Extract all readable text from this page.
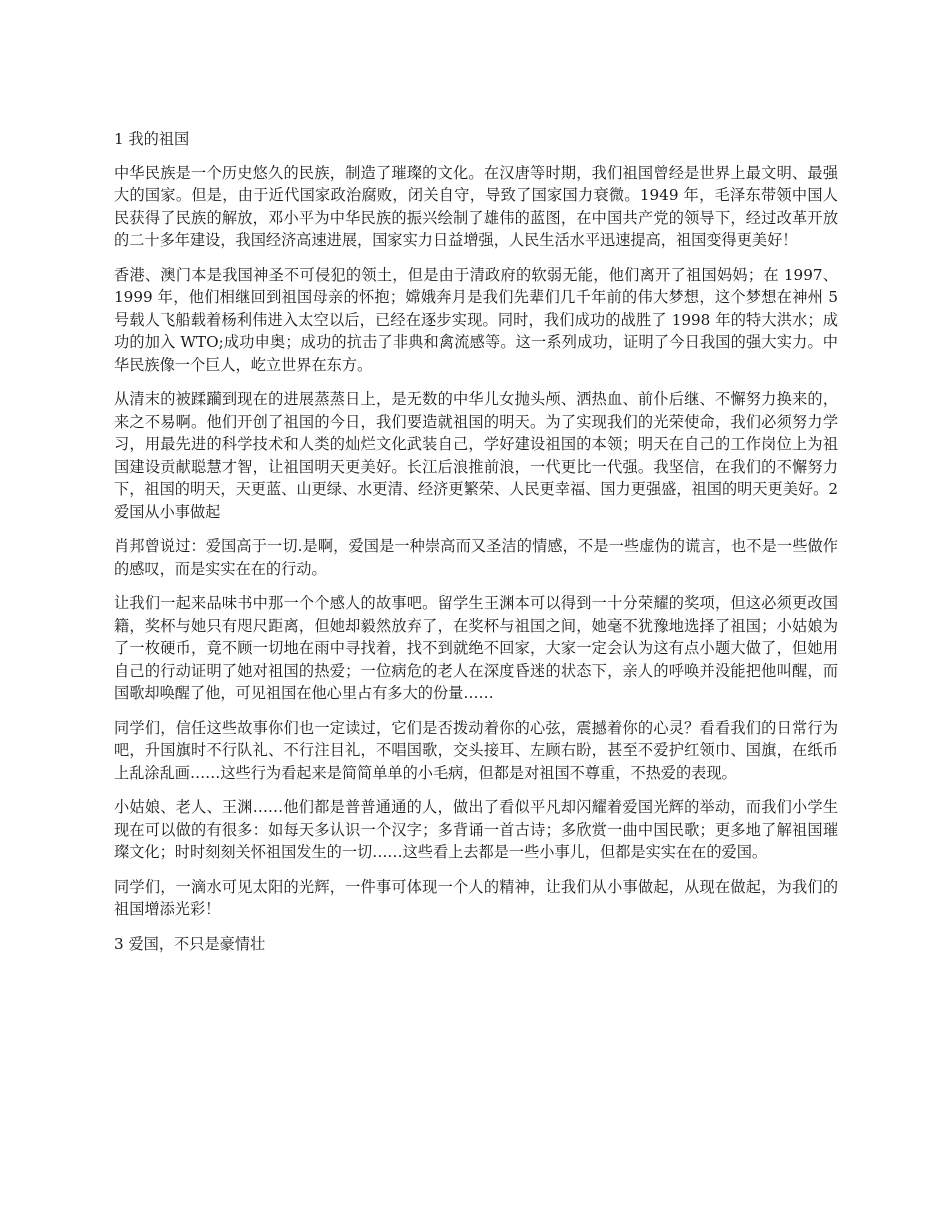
1 我的祖国

中华民族是一个历史悠久的民族，制造了璀璨的文化。在汉唐等时期，我们祖国曾经是世界上最文明、最强大的国家。但是，由于近代国家政治腐败，闭关自守，导致了国家国力衰微。1949 年，毛泽东带领中国人民获得了民族的解放，邓小平为中华民族的振兴绘制了雄伟的蓝图，在中国共产党的领导下，经过改革开放的二十多年建设，我国经济高速进展，国家实力日益增强，人民生活水平迅速提高，祖国变得更美好！

香港、澳门本是我国神圣不可侵犯的领土，但是由于清政府的软弱无能，他们离开了祖国妈妈；在 1997、1999 年，他们相继回到祖国母亲的怀抱；嫦娥奔月是我们先辈们几千年前的伟大梦想，这个梦想在神州 5 号载人飞船载着杨利伟进入太空以后，已经在逐步实现。同时，我们成功的战胜了 1998 年的特大洪水；成功的加入 WTO;成功申奥；成功的抗击了非典和禽流感等。这一系列成功，证明了今日我国的强大实力。中华民族像一个巨人，屹立世界在东方。

从清末的被蹂躏到现在的进展蒸蒸日上，是无数的中华儿女抛头颅、洒热血、前仆后继、不懈努力换来的，来之不易啊。他们开创了祖国的今日，我们要造就祖国的明天。为了实现我们的光荣使命，我们必须努力学习，用最先进的科学技术和人类的灿烂文化武装自己，学好建设祖国的本领；明天在自己的工作岗位上为祖国建设贡献聪慧才智，让祖国明天更美好。长江后浪推前浪，一代更比一代强。我坚信，在我们的不懈努力下，祖国的明天，天更蓝、山更绿、水更清、经济更繁荣、人民更幸福、国力更强盛，祖国的明天更美好。2 爱国从小事做起

肖邦曾说过：爱国高于一切.是啊，爱国是一种崇高而又圣洁的情感，不是一些虚伪的谎言，也不是一些做作的感叹，而是实实在在的行动。

让我们一起来品味书中那一个个感人的故事吧。留学生王渊本可以得到一十分荣耀的奖项，但这必须更改国籍，奖杯与她只有咫尺距离，但她却毅然放弃了，在奖杯与祖国之间，她毫不犹豫地选择了祖国；小姑娘为了一枚硬币，竟不顾一切地在雨中寻找着，找不到就绝不回家，大家一定会认为这有点小题大做了，但她用自己的行动证明了她对祖国的热爱；一位病危的老人在深度昏迷的状态下，亲人的呼唤并没能把他叫醒，而国歌却唤醒了他，可见祖国在他心里占有多大的份量……

同学们，信任这些故事你们也一定读过，它们是否拨动着你的心弦，震撼着你的心灵？看看我们的日常行为吧，升国旗时不行队礼、不行注目礼，不唱国歌，交头接耳、左顾右盼，甚至不爱护红领巾、国旗，在纸币上乱涂乱画……这些行为看起来是简简单单的小毛病，但都是对祖国不尊重，不热爱的表现。

小姑娘、老人、王渊……他们都是普普通通的人，做出了看似平凡却闪耀着爱国光辉的举动，而我们小学生现在可以做的有很多：如每天多认识一个汉字；多背诵一首古诗；多欣赏一曲中国民歌；更多地了解祖国璀璨文化；时时刻刻关怀祖国发生的一切……这些看上去都是一些小事儿，但都是实实在在的爱国。

同学们，一滴水可见太阳的光辉，一件事可体现一个人的精神，让我们从小事做起，从现在做起，为我们的祖国增添光彩！

3 爱国，不只是豪情壮
